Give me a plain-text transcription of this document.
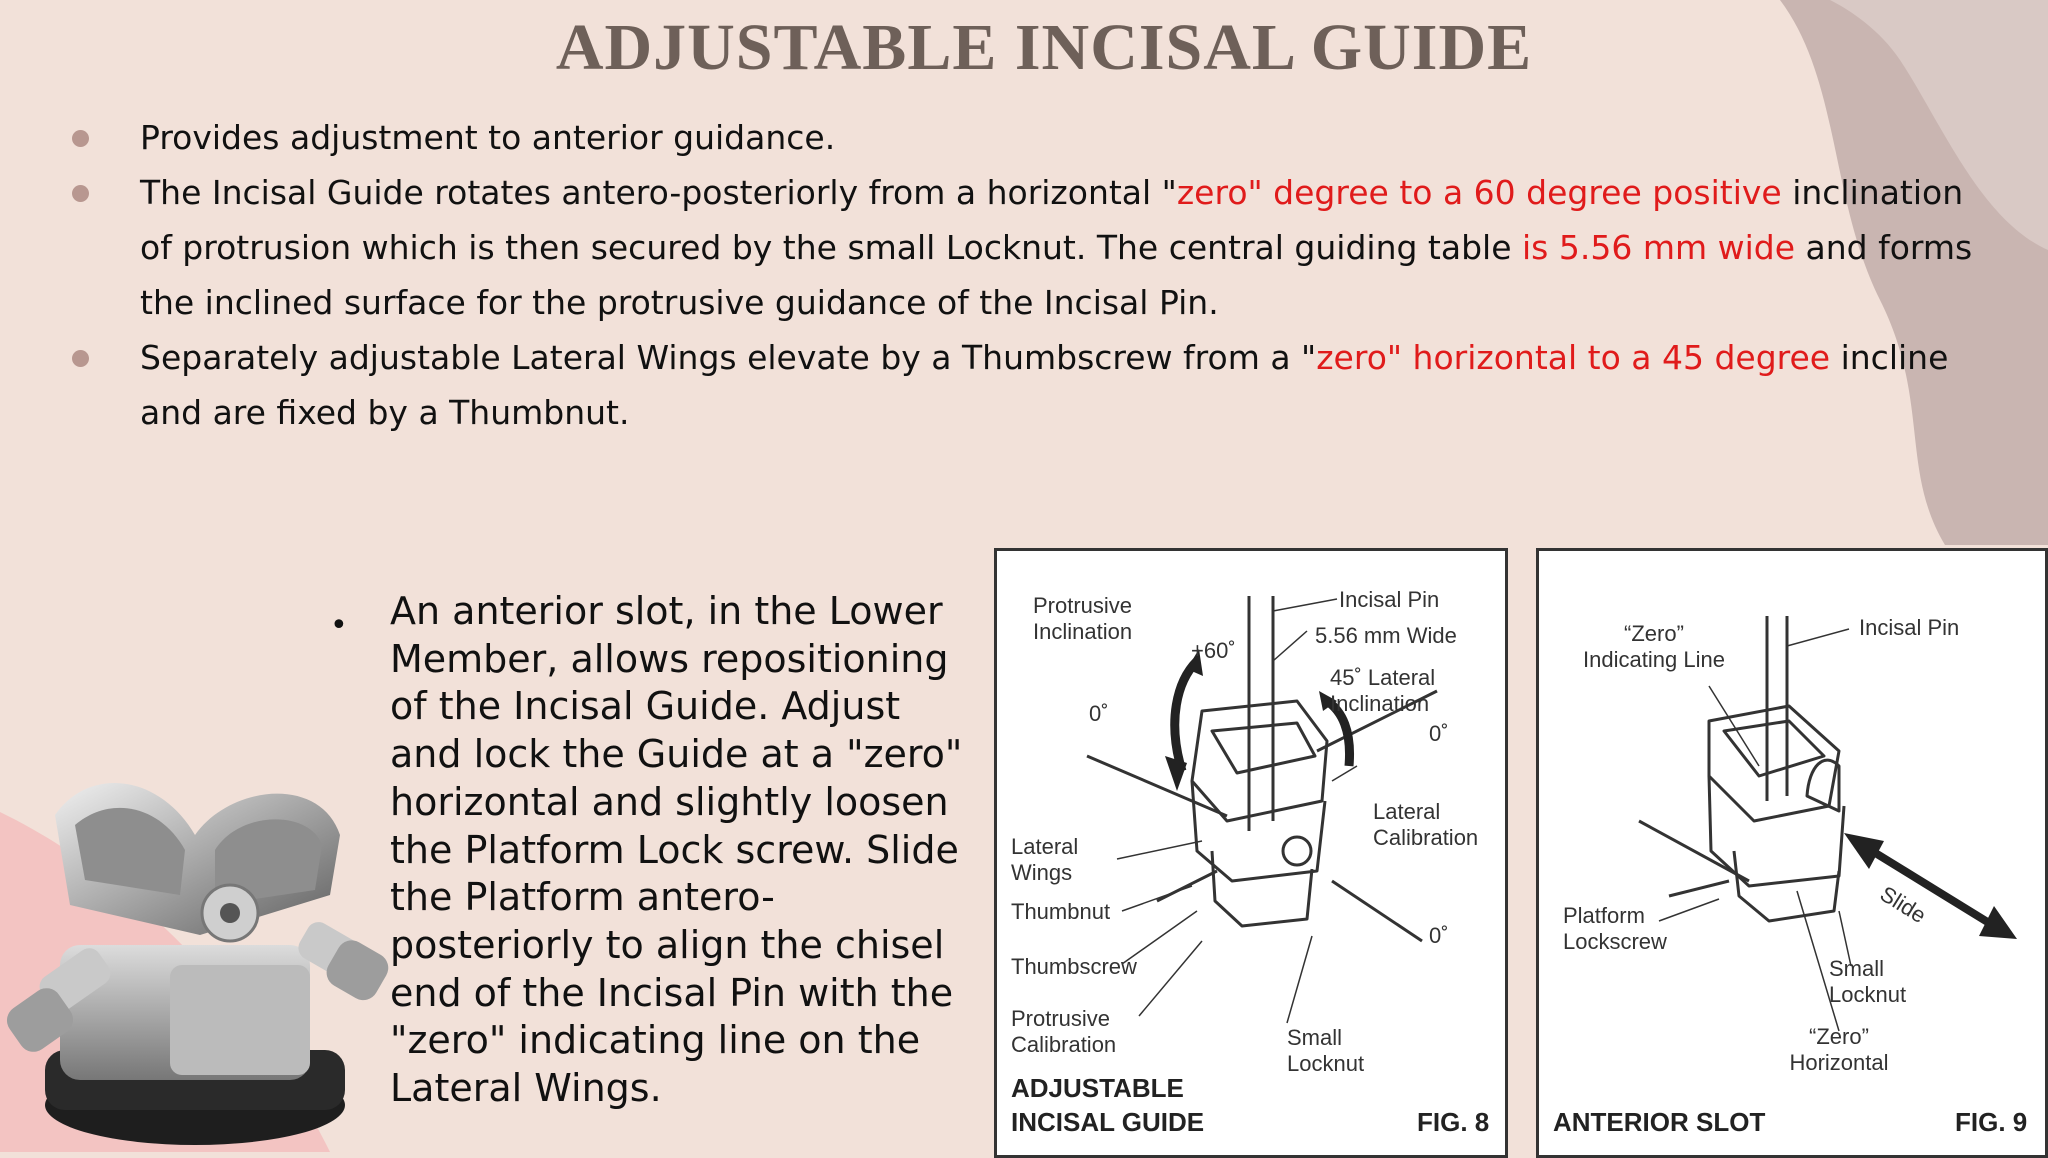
ADJUSTABLE INCISAL GUIDE
Provides adjustment to anterior guidance.
The Incisal Guide rotates antero-posteriorly from a horizontal "zero" degree to a 60 degree positive inclination of protrusion which is then secured by the small Locknut. The central guiding table is 5.56 mm wide and forms the inclined surface for the protrusive guidance of the Incisal Pin.
Separately adjustable Lateral Wings elevate by a Thumbscrew from a "zero" horizontal to a 45 degree incline and are fixed by a Thumbnut.
• An anterior slot, in the Lower Member, allows repositioning of the Incisal Guide. Adjust and lock the Guide at a "zero" horizontal and slightly loosen the Platform Lock screw. Slide the Platform antero-posteriorly to align the chisel end of the Incisal Pin with the "zero" indicating line on the Lateral Wings.
Protrusive
Inclination
+60˚
0˚
Incisal Pin
5.56 mm Wide
45˚ Lateral
Inclination
0˚
Lateral
Calibration
Lateral
Wings
Thumbnut
Thumbscrew
0˚
Protrusive
Calibration	Small
Locknut
ADJUSTABLE
INCISAL GUIDE	FIG. 8
“Zero”
Indicating Line
Incisal Pin
Platform
Lockscrew
Slide
Small
Locknut
“Zero”
Horizontal
ANTERIOR SLOT	FIG. 9
